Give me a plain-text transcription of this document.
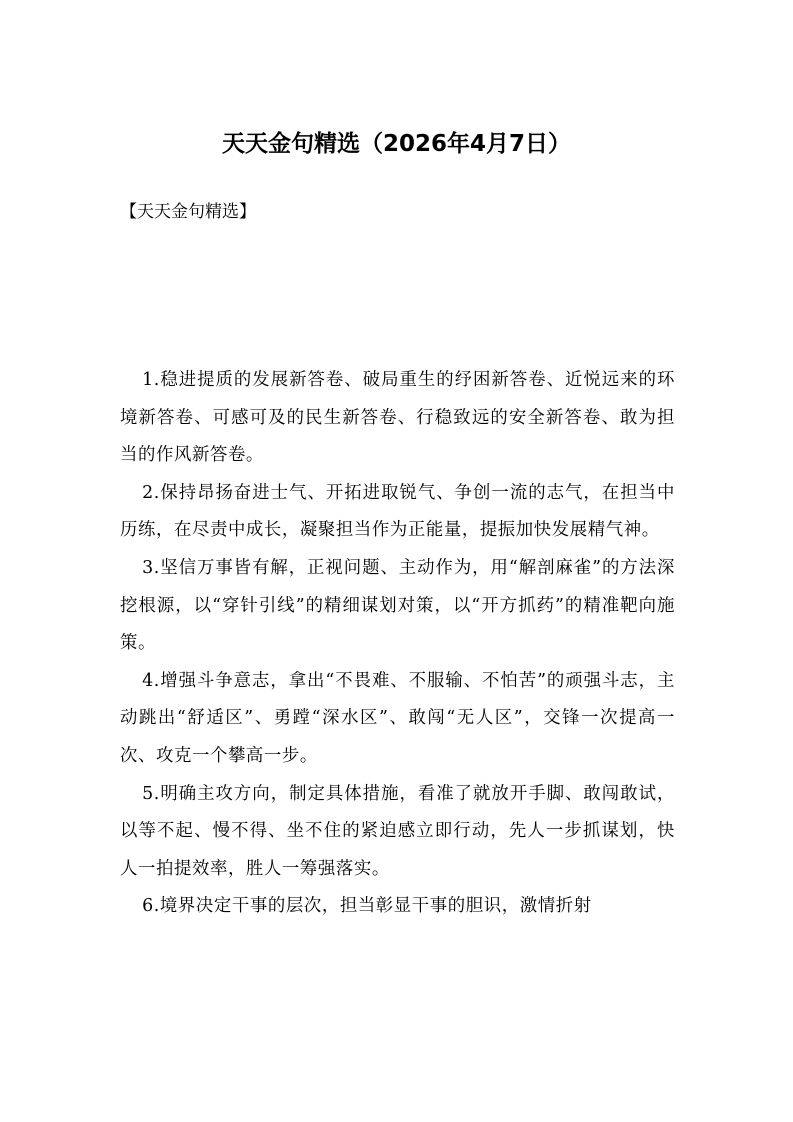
天天金句精选（2026年4月7日）

【天天金句精选】

1.稳进提质的发展新答卷、破局重生的纾困新答卷、近悦远来的环境新答卷、可感可及的民生新答卷、行稳致远的安全新答卷、敢为担当的作风新答卷。

2.保持昂扬奋进士气、开拓进取锐气、争创一流的志气，在担当中历练，在尽责中成长，凝聚担当作为正能量，提振加快发展精气神。

3.坚信万事皆有解，正视问题、主动作为，用“解剖麻雀”的方法深挖根源，以“穿针引线”的精细谋划对策，以“开方抓药”的精准靶向施策。

4.增强斗争意志，拿出“不畏难、不服输、不怕苦”的顽强斗志，主动跳出“舒适区”、勇蹚“深水区”、敢闯“无人区”，交锋一次提高一次、攻克一个攀高一步。

5.明确主攻方向，制定具体措施，看准了就放开手脚、敢闯敢试，以等不起、慢不得、坐不住的紧迫感立即行动，先人一步抓谋划，快人一拍提效率，胜人一筹强落实。

6.境界决定干事的层次，担当彰显干事的胆识，激情折射
